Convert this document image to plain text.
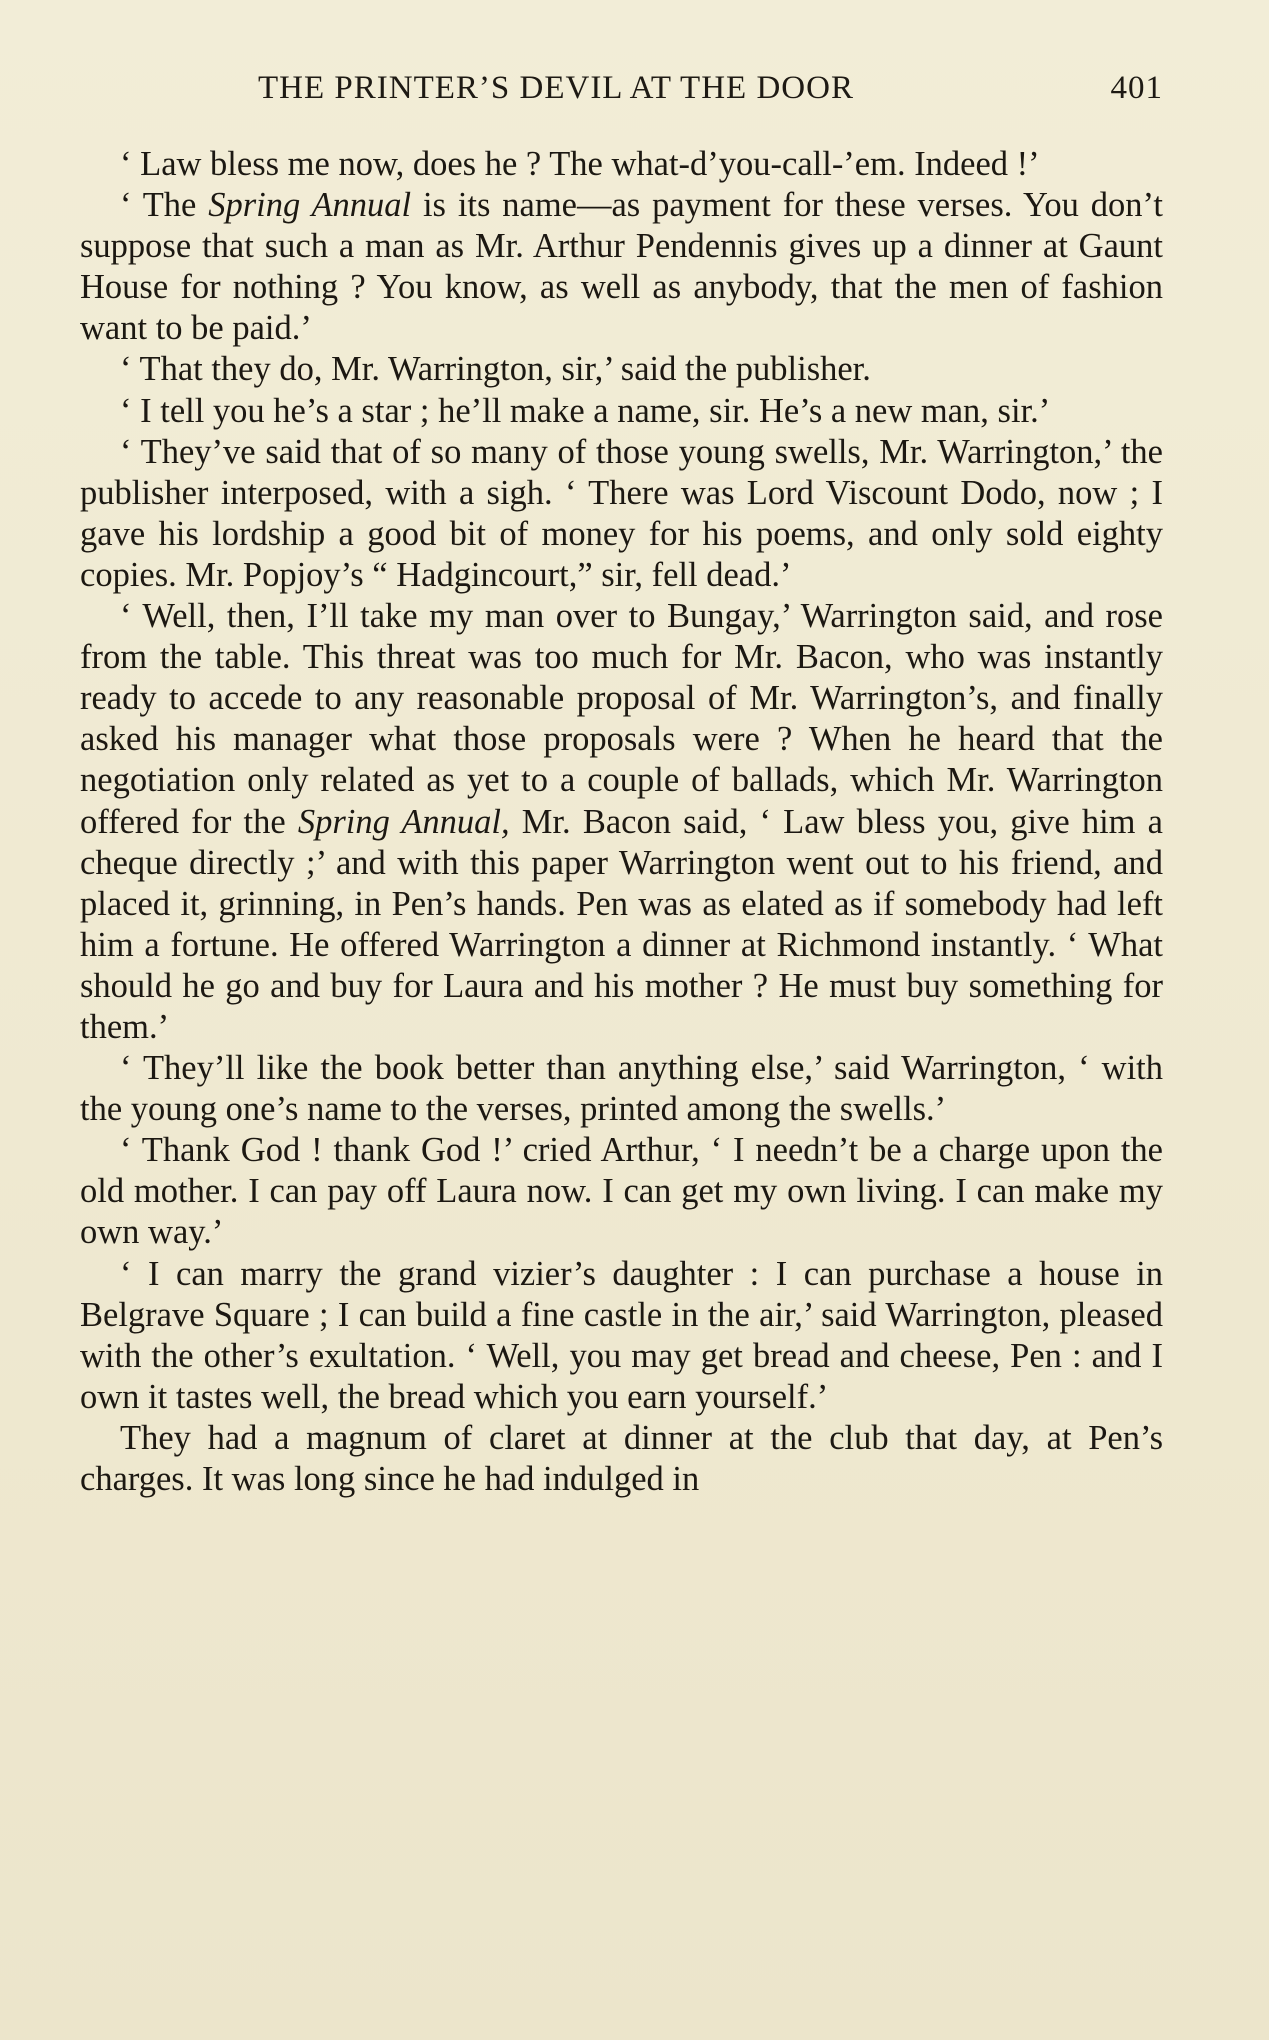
THE PRINTER’S DEVIL AT THE DOOR	401

‘ Law bless me now, does he ? The what-d’you-call-’em. Indeed !’

‘ The Spring Annual is its name—as payment for these verses. You don’t suppose that such a man as Mr. Arthur Pendennis gives up a dinner at Gaunt House for nothing ? You know, as well as anybody, that the men of fashion want to be paid.’

‘ That they do, Mr. Warrington, sir,’ said the publisher.

‘ I tell you he’s a star ; he’ll make a name, sir. He’s a new man, sir.’

‘ They’ve said that of so many of those young swells, Mr. Warrington,’ the publisher interposed, with a sigh. ‘ There was Lord Viscount Dodo, now ; I gave his lordship a good bit of money for his poems, and only sold eighty copies. Mr. Popjoy’s “ Hadgincourt,” sir, fell dead.’

‘ Well, then, I’ll take my man over to Bungay,’ Warrington said, and rose from the table. This threat was too much for Mr. Bacon, who was instantly ready to accede to any reasonable proposal of Mr. Warrington’s, and finally asked his manager what those proposals were ? When he heard that the negotiation only related as yet to a couple of ballads, which Mr. Warrington offered for the Spring Annual, Mr. Bacon said, ‘ Law bless you, give him a cheque directly ;’ and with this paper Warrington went out to his friend, and placed it, grinning, in Pen’s hands. Pen was as elated as if somebody had left him a fortune. He offered Warrington a dinner at Richmond instantly. ‘ What should he go and buy for Laura and his mother ? He must buy something for them.’

‘ They’ll like the book better than anything else,’ said Warrington, ‘ with the young one’s name to the verses, printed among the swells.’

‘ Thank God ! thank God !’ cried Arthur, ‘ I needn’t be a charge upon the old mother. I can pay off Laura now. I can get my own living. I can make my own way.’

‘ I can marry the grand vizier’s daughter : I can purchase a house in Belgrave Square ; I can build a fine castle in the air,’ said Warrington, pleased with the other’s exultation. ‘ Well, you may get bread and cheese, Pen : and I own it tastes well, the bread which you earn yourself.’

They had a magnum of claret at dinner at the club that day, at Pen’s charges. It was long since he had indulged in
